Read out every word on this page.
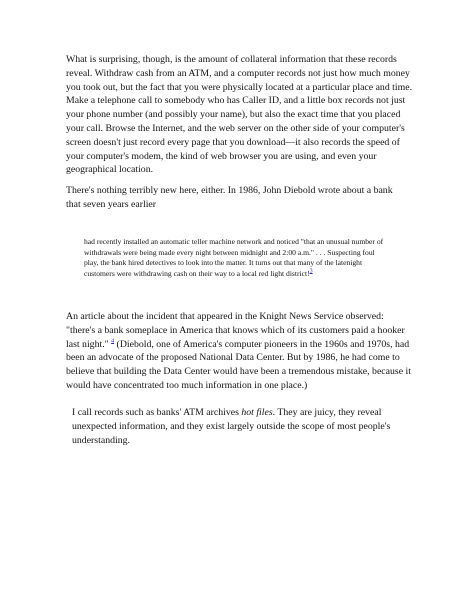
What is surprising, though, is the amount of collateral information that these records reveal. Withdraw cash from an ATM, and a computer records not just how much money you took out, but the fact that you were physically located at a particular place and time. Make a telephone call to somebody who has Caller ID, and a little box records not just your phone number (and possibly your name), but also the exact time that you placed your call. Browse the Internet, and the web server on the other side of your computer's screen doesn't just record every page that you download—it also records the speed of your computer's modem, the kind of web browser you are using, and even your geographical location.

There's nothing terribly new here, either. In 1986, John Diebold wrote about a bank that seven years earlier

had recently installed an automatic teller machine network and noticed "that an unusual number of withdrawals were being made every night between midnight and 2:00 a.m." . . . Suspecting foul play, the bank hired detectives to look into the matter. It turns out that many of the latenight customers were withdrawing cash on their way to a local red light district!$^3$

An article about the incident that appeared in the Knight News Service observed: "there's a bank someplace in America that knows which of its customers paid a hooker last night." $^4$ (Diebold, one of America's computer pioneers in the 1960s and 1970s, had been an advocate of the proposed National Data Center. But by 1986, he had come to believe that building the Data Center would have been a tremendous mistake, because it would have concentrated too much information in one place.)

I call records such as banks' ATM archives hot files. They are juicy, they reveal unexpected information, and they exist largely outside the scope of most people's understanding.
